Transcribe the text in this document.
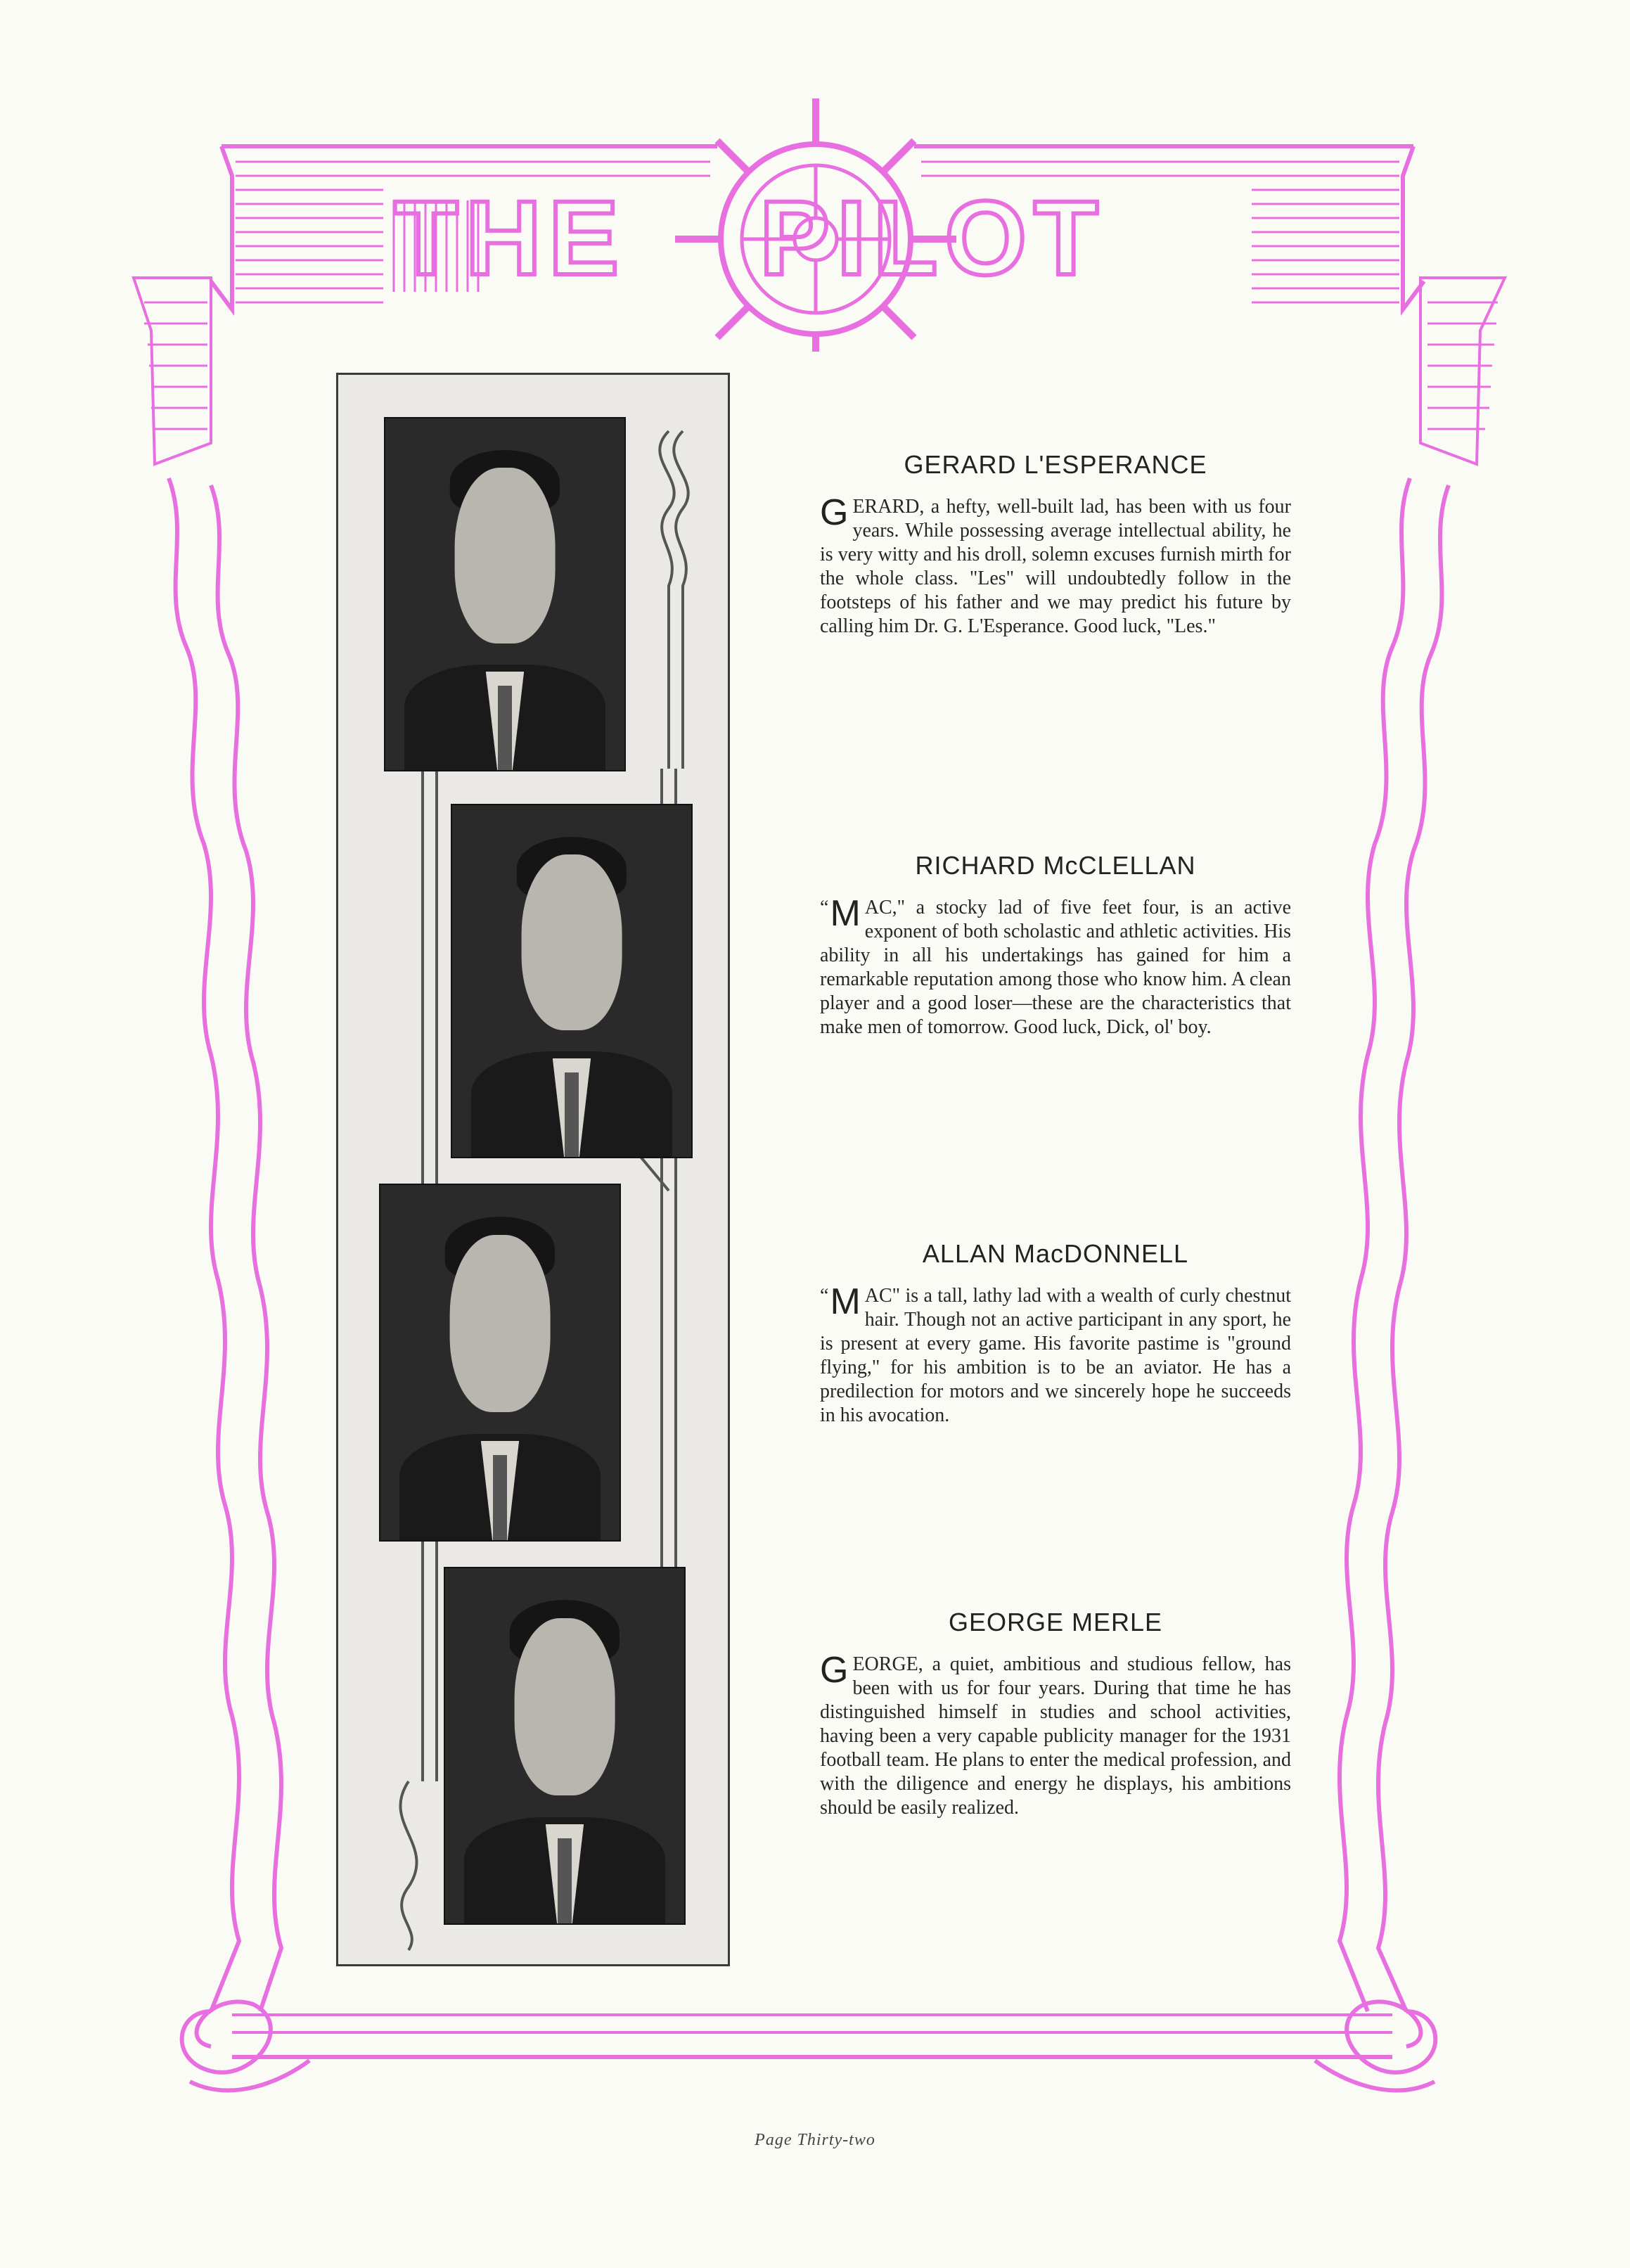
THE PILOT
GERARD L'ESPERANCE

GERARD, a hefty, well-built lad, has been with us four years. While possessing average intellectual ability, he is very witty and his droll, solemn excuses furnish mirth for the whole class. "Les" will undoubtedly follow in the footsteps of his father and we may predict his future by calling him Dr. G. L'Esperance. Good luck, "Les."

RICHARD McCLELLAN

“ M AC," a stocky lad of five feet four, is an active exponent of both scholastic and athletic activities. His ability in all his undertakings has gained for him a remarkable reputation among those who know him. A clean player and a good loser—these are the characteristics that make men of tomorrow. Good luck, Dick, ol' boy.

ALLAN MacDONNELL

“ M AC" is a tall, lathy lad with a wealth of curly chestnut hair. Though not an active participant in any sport, he is present at every game. His favorite pastime is "ground flying," for his ambition is to be an aviator. He has a predilection for motors and we sincerely hope he succeeds in his avocation.

GEORGE MERLE

GEORGE, a quiet, ambitious and studious fellow, has been with us for four years. During that time he has distinguished himself in studies and school activities, having been a very capable publicity manager for the 1931 football team. He plans to enter the medical profession, and with the diligence and energy he displays, his ambitions should be easily realized.

Page Thirty-two
